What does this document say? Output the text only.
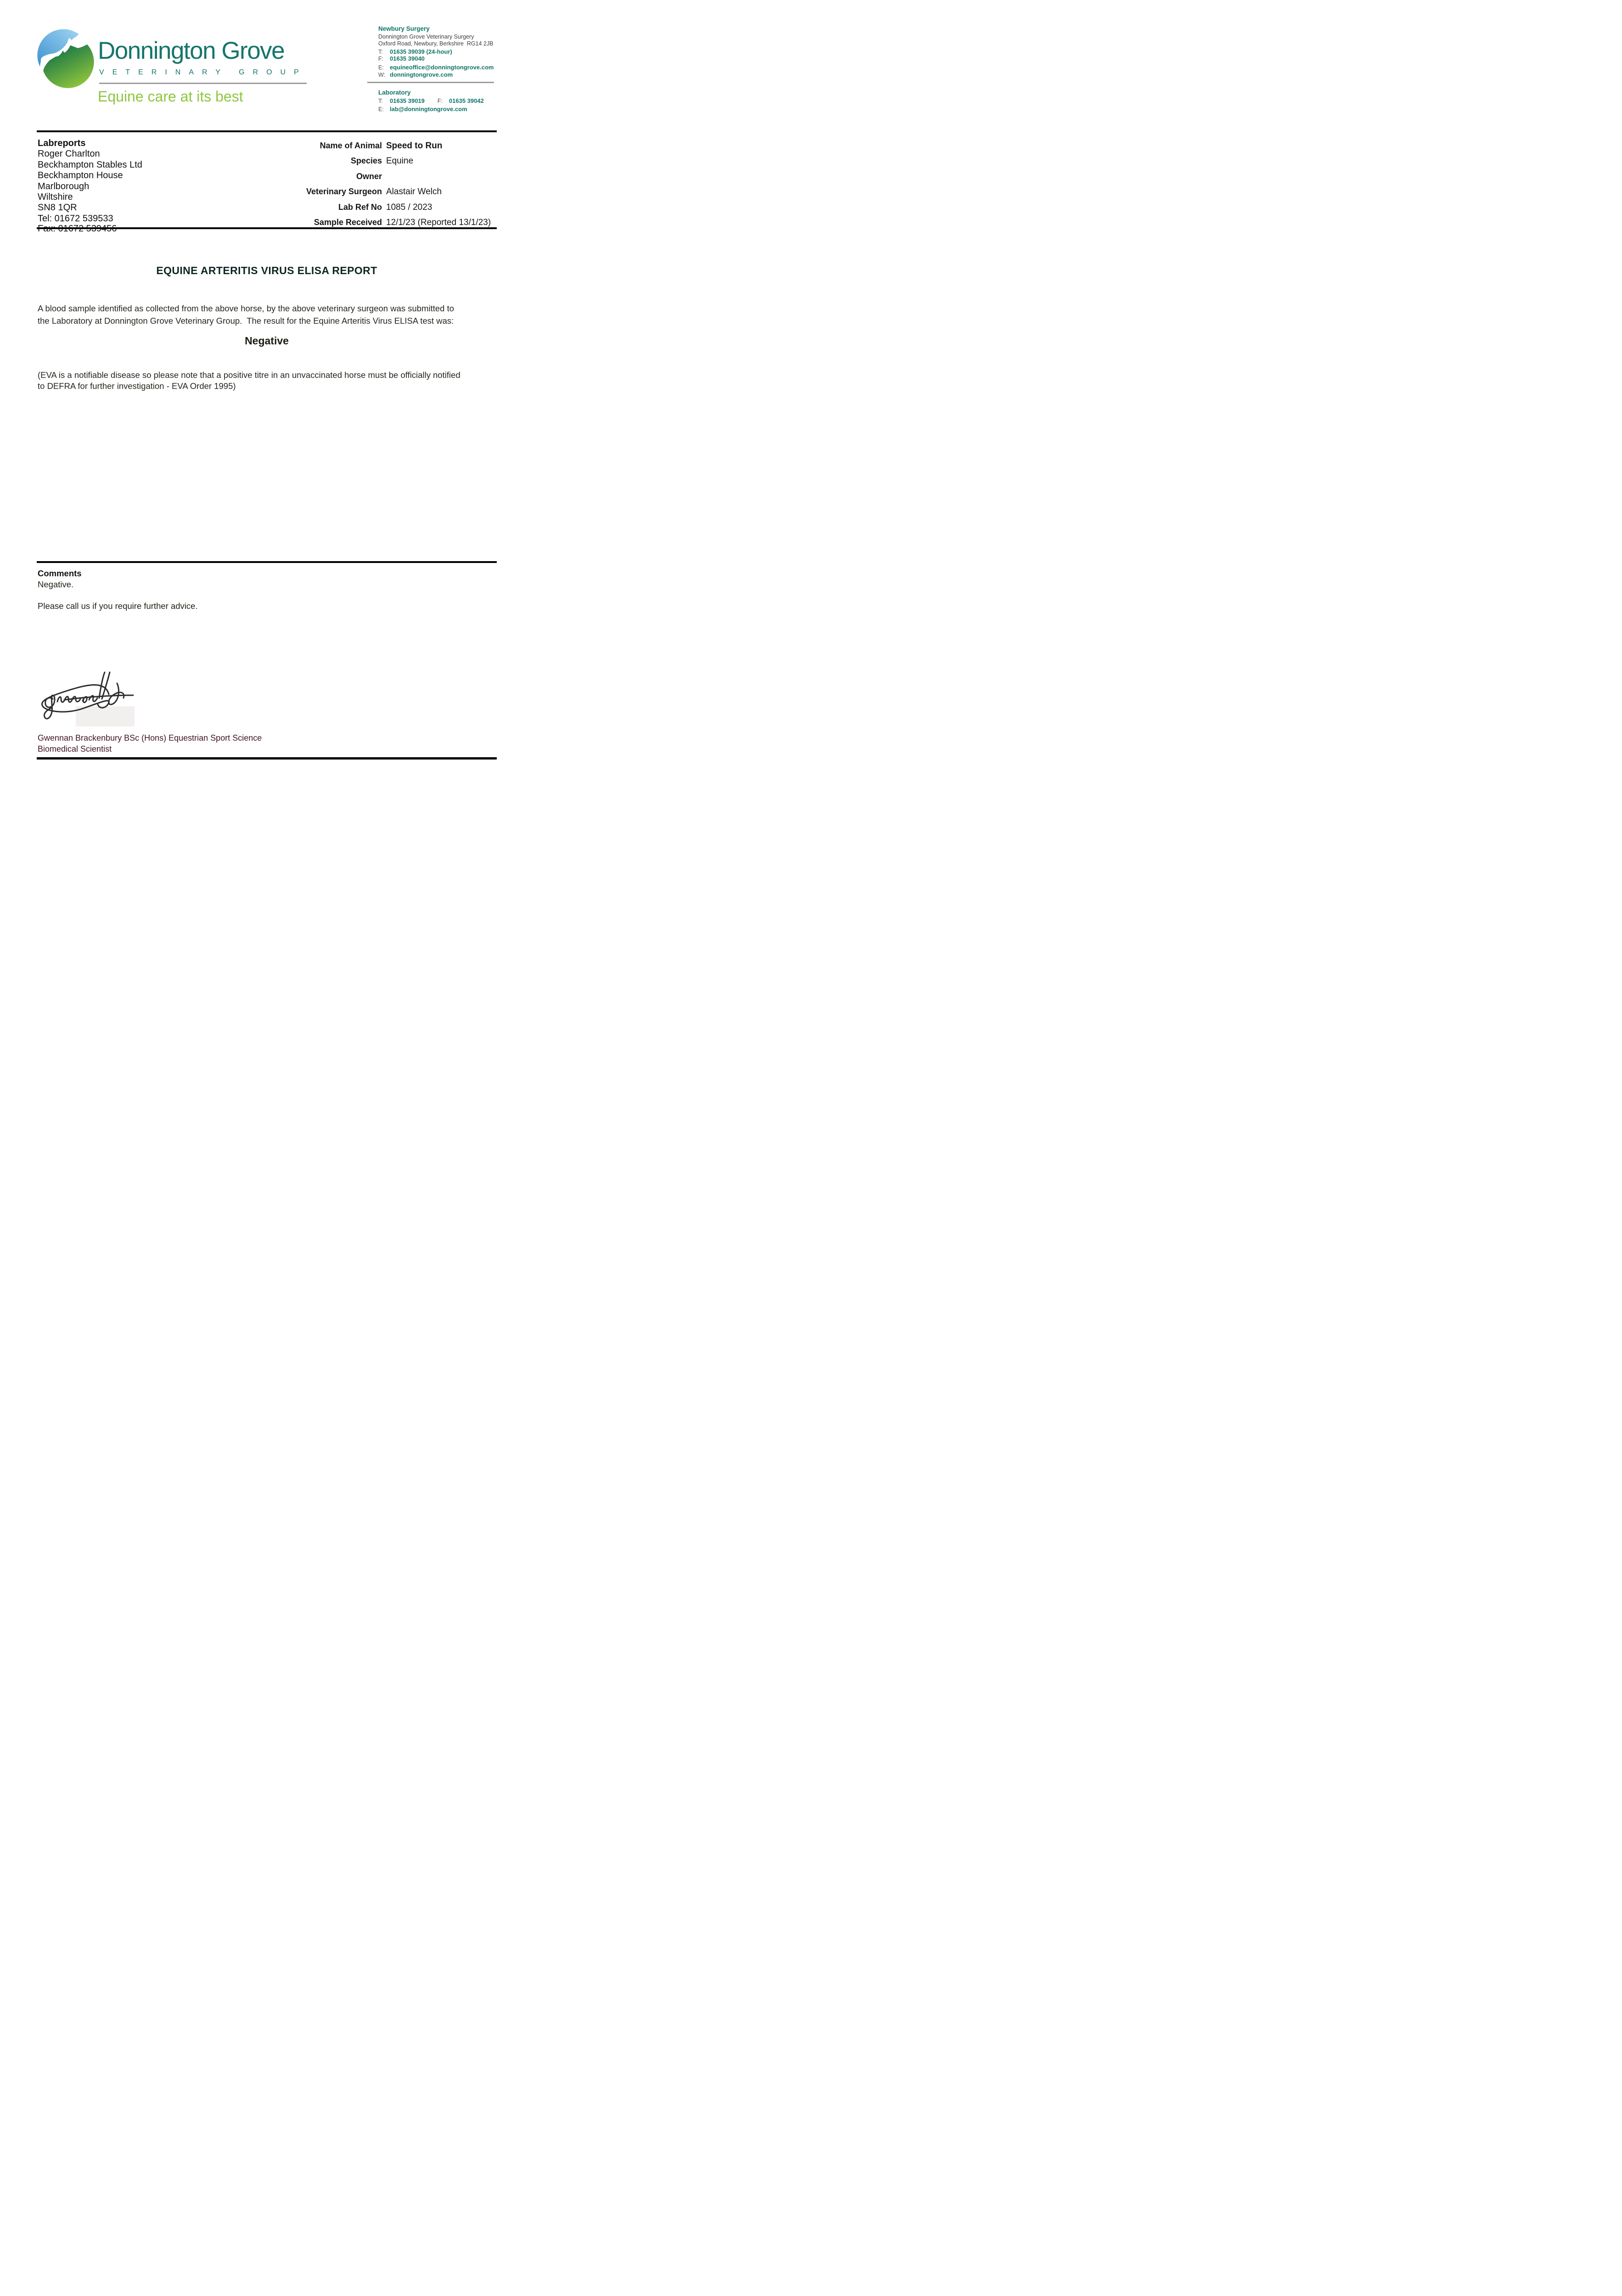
Donnington Grove
VETERINARY GROUP
Equine care at its best
Newbury Surgery
Donnington Grove Veterinary Surgery
Oxford Road, Newbury, Berkshire  RG14 2JB
T: 01635 39039 (24-hour)
F: 01635 39040
E: equineoffice@donningtongrove.com
W: donningtongrove.com
Laboratory
T: 01635 39019 F: 01635 39042
E: lab@donningtongrove.com
Labreports
Roger Charlton
Beckhampton Stables Ltd
Beckhampton House
Marlborough
Wiltshire
SN8 1QR
Tel: 01672 539533
Fax: 01672 539456
Name of Animal Speed to Run
Species Equine
Owner
Veterinary Surgeon Alastair Welch
Lab Ref No 1085 / 2023
Sample Received 12/1/23 (Reported 13/1/23)
EQUINE ARTERITIS VIRUS ELISA REPORT
A blood sample identified as collected from the above horse, by the above veterinary surgeon was submitted to
the Laboratory at Donnington Grove Veterinary Group.  The result for the Equine Arteritis Virus ELISA test was:
Negative
(EVA is a notifiable disease so please note that a positive titre in an unvaccinated horse must be officially notified
to DEFRA for further investigation - EVA Order 1995)
Comments
Negative.
Please call us if you require further advice.
Gwennan Brackenbury BSc (Hons) Equestrian Sport Science
Biomedical Scientist
